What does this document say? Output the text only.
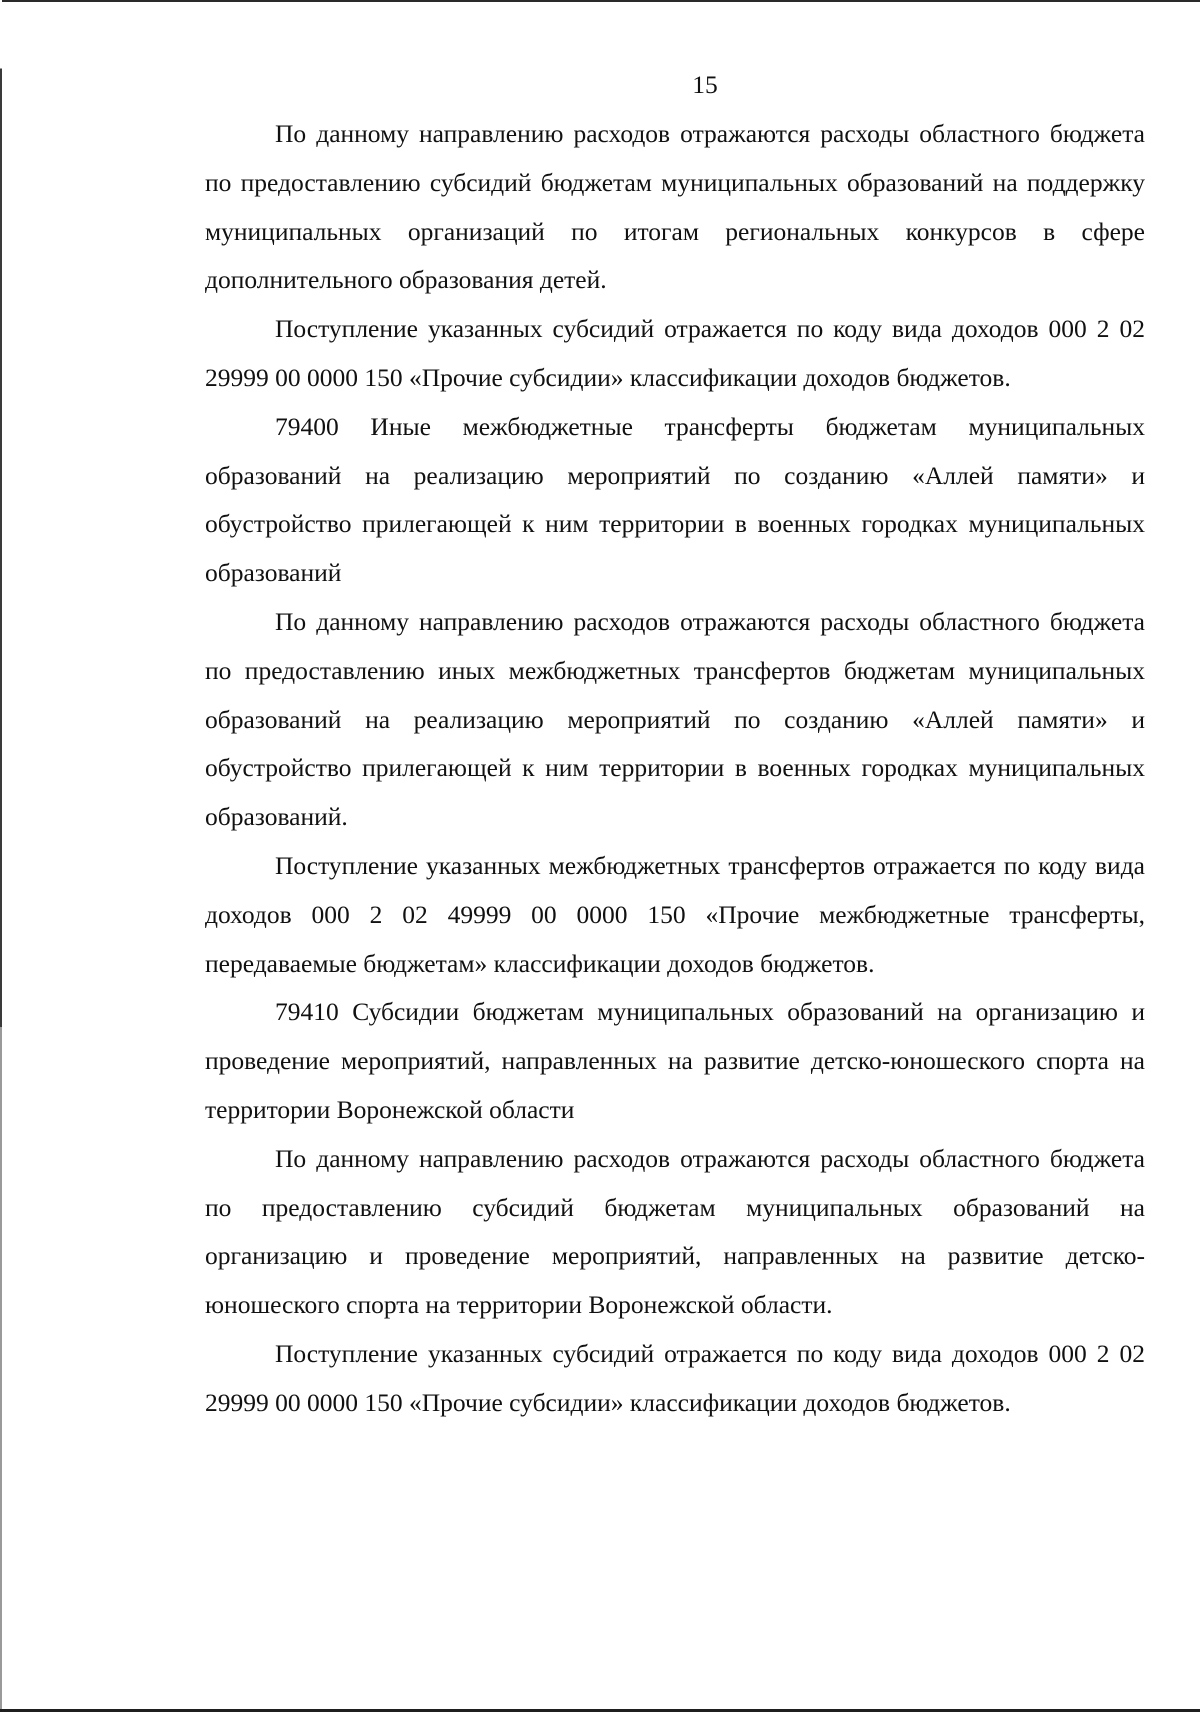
15

По данному направлению расходов отражаются расходы областного бюджета по предоставлению субсидий бюджетам муниципальных образований на поддержку муниципальных организаций по итогам региональных конкурсов в сфере дополнительного образования детей.

Поступление указанных субсидий отражается по коду вида доходов 000 2 02 29999 00 0000 150 «Прочие субсидии» классификации доходов бюджетов.

79400 Иные межбюджетные трансферты бюджетам муниципальных образований на реализацию мероприятий по созданию «Аллей памяти» и обустройство прилегающей к ним территории в военных городках муниципальных образований

По данному направлению расходов отражаются расходы областного бюджета по предоставлению иных межбюджетных трансфертов бюджетам муниципальных образований на реализацию мероприятий по созданию «Аллей памяти» и обустройство прилегающей к ним территории в военных городках муниципальных образований.

Поступление указанных межбюджетных трансфертов отражается по коду вида доходов 000 2 02 49999 00 0000 150 «Прочие межбюджетные трансферты, передаваемые бюджетам» классификации доходов бюджетов.

79410 Субсидии бюджетам муниципальных образований на организацию и проведение мероприятий, направленных на развитие детско-юношеского спорта на территории Воронежской области

По данному направлению расходов отражаются расходы областного бюджета по предоставлению субсидий бюджетам муниципальных образований на организацию и проведение мероприятий, направленных на развитие детско-юношеского спорта на территории Воронежской области.

Поступление указанных субсидий отражается по коду вида доходов 000 2 02 29999 00 0000 150 «Прочие субсидии» классификации доходов бюджетов.
